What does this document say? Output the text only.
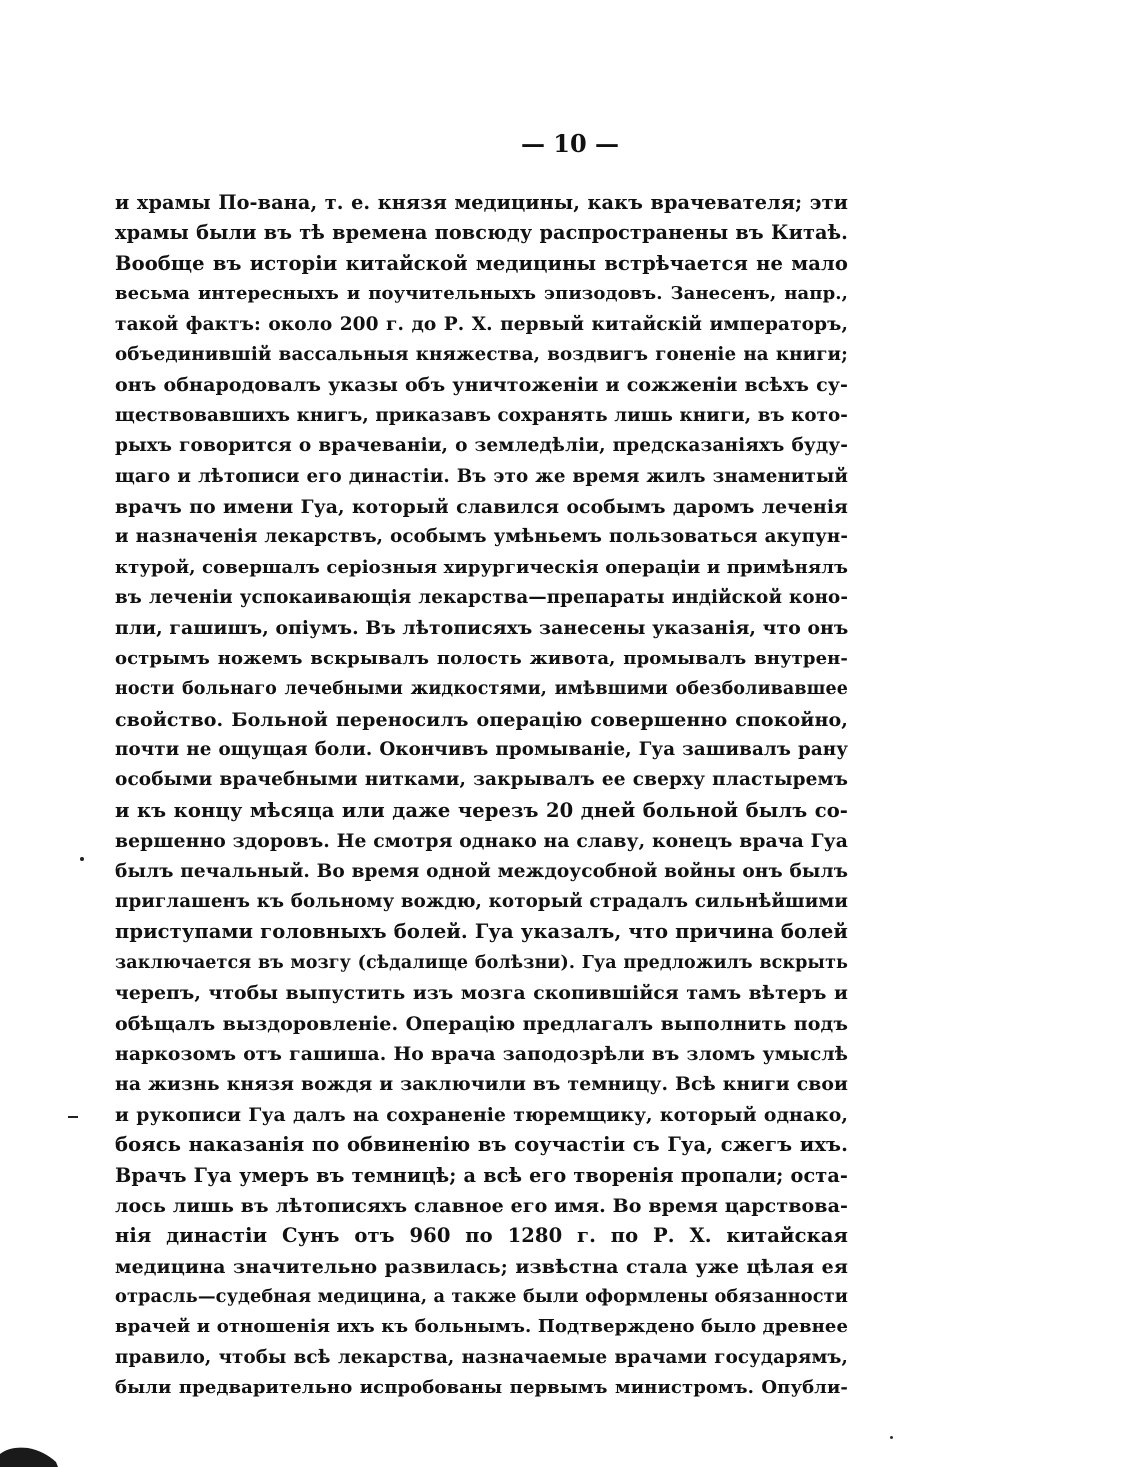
— 10 —
и храмы По-вана, т. е. князя медицины, какъ врачевателя; эти
храмы были въ тѣ времена повсюду распространены въ Китаѣ.
Вообще въ исторіи китайской медицины встрѣчается не мало
весьма интересныхъ и поучительныхъ эпизодовъ. Занесенъ, напр.,
такой фактъ: около 200 г. до Р. Х. первый китайскій императоръ,
объединившій вассальныя княжества, воздвигъ гоненіе на книги;
онъ обнародовалъ указы объ уничтоженіи и сожженіи всѣхъ су-
ществовавшихъ книгъ, приказавъ сохранять лишь книги, въ кото-
рыхъ говорится о врачеваніи, о земледѣліи, предсказаніяхъ буду-
щаго и лѣтописи его династіи. Въ это же время жилъ знаменитый
врачъ по имени Гуа, который славился особымъ даромъ леченія
и назначенія лекарствъ, особымъ умѣньемъ пользоваться акупун-
ктурой, совершалъ серіозныя хирургическія операціи и примѣнялъ
въ леченіи успокаивающія лекарства—препараты индійской коно-
пли, гашишъ, опіумъ. Въ лѣтописяхъ занесены указанія, что онъ
острымъ ножемъ вскрывалъ полость живота, промывалъ внутрен-
ности больнаго лечебными жидкостями, имѣвшими обезболивавшее
свойство. Больной переносилъ операцію совершенно спокойно,
почти не ощущая боли. Окончивъ промываніе, Гуа зашивалъ рану
особыми врачебными нитками, закрывалъ ее сверху пластыремъ
и къ концу мѣсяца или даже черезъ 20 дней больной былъ со-
вершенно здоровъ. Не смотря однако на славу, конецъ врача Гуа
былъ печальный. Во время одной междоусобной войны онъ былъ
приглашенъ къ больному вождю, который страдалъ сильнѣйшими
приступами головныхъ болей. Гуа указалъ, что причина болей
заключается въ мозгу (сѣдалище болѣзни). Гуа предложилъ вскрыть
черепъ, чтобы выпустить изъ мозга скопившійся тамъ вѣтеръ и
обѣщалъ выздоровленіе. Операцію предлагалъ выполнить подъ
наркозомъ отъ гашиша. Но врача заподозрѣли въ зломъ умыслѣ
на жизнь князя вождя и заключили въ темницу. Всѣ книги свои
и рукописи Гуа далъ на сохраненіе тюремщику, который однако,
боясь наказанія по обвиненію въ соучастіи съ Гуа, сжегъ ихъ.
Врачъ Гуа умеръ въ темницѣ; а всѣ его творенія пропали; оста-
лось лишь въ лѣтописяхъ славное его имя. Во время царствова-
нія династіи Сунъ отъ 960 по 1280 г. по Р. Х. китайская
медицина значительно развилась; извѣстна стала уже цѣлая ея
отрасль—судебная медицина, а также были оформлены обязанности
врачей и отношенія ихъ къ больнымъ. Подтверждено было древнее
правило, чтобы всѣ лекарства, назначаемые врачами государямъ,
были предварительно испробованы первымъ министромъ. Опубли-
